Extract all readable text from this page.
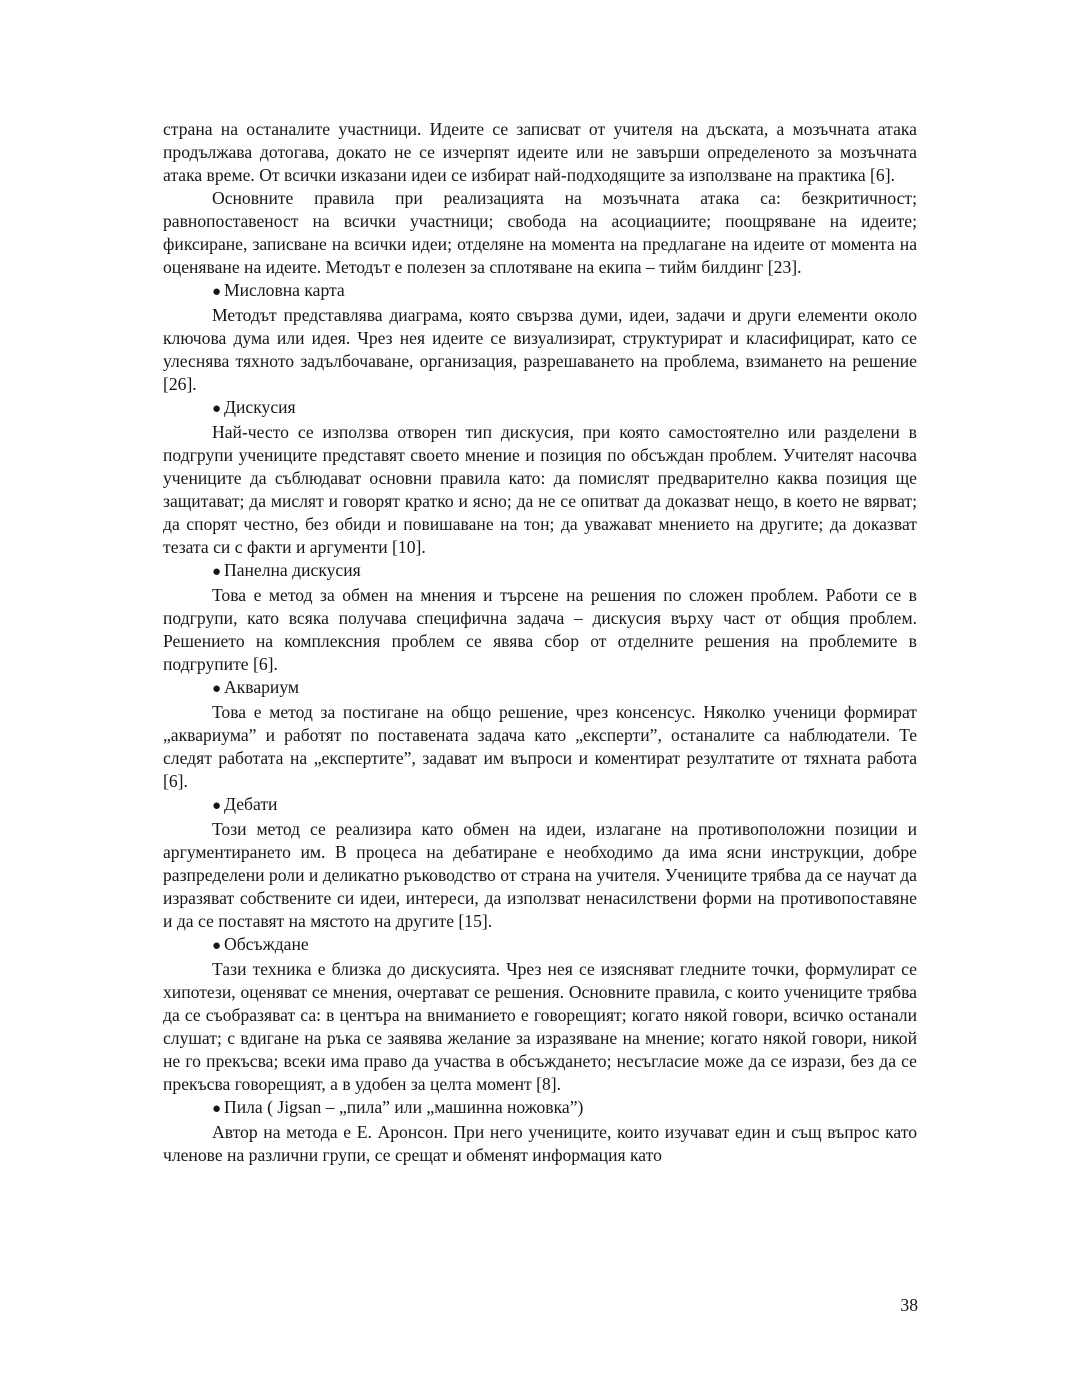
страна на останалите участници. Идеите се записват от учителя на дъската, а мозъчната атака продължава дотогава, докато не се изчерпят идеите или не завърши определеното за мозъчната атака време. От всички изказани идеи се избират най-подходящите за използване на практика [6].

Основните правила при реализацията на мозъчната атака са: безкритичност; равнопоставеност на всички участници; свобода на асоциациите; поощряване на идеите; фиксиране, записване на всички идеи; отделяне на момента на предлагане на идеите от момента на оценяване на идеите. Методът е полезен за сплотяване на екипа – тийм билдинг [23].

● Мисловна карта

Методът представлява диаграма, която свързва думи, идеи, задачи и други елементи около ключова дума или идея. Чрез нея идеите се визуализират, структурират и класифицират, като се улеснява тяхното задълбочаване, организация, разрешаването на проблема, взимането на решение [26].

● Дискусия

Най-често се използва отворен тип дискусия, при която самостоятелно или разделени в подгрупи учениците представят своето мнение и позиция по обсъждан проблем. Учителят насочва учениците да съблюдават основни правила като: да помислят предварително каква позиция ще защитават; да мислят и говорят кратко и ясно; да не се опитват да доказват нещо, в което не вярват; да спорят честно, без обиди и повишаване на тон; да уважават мнението на другите; да доказват тезата си с факти и аргументи [10].

● Панелна дискусия

Това е метод за обмен на мнения и търсене на решения по сложен проблем. Работи се в подгрупи, като всяка получава специфична задача – дискусия върху част от общия проблем. Решението на комплексния проблем се явява сбор от отделните решения на проблемите в подгрупите [6].

● Аквариум

Това е метод за постигане на общо решение, чрез консенсус. Няколко ученици формират „аквариума” и работят по поставената задача като „експерти”, останалите са наблюдатели. Те следят работата на „експертите”, задават им въпроси и коментират резултатите от тяхната работа [6].

● Дебати

Този метод се реализира като обмен на идеи, излагане на противоположни позиции и аргументирането им. В процеса на дебатиране е необходимо да има ясни инструкции, добре разпределени роли и деликатно ръководство от страна на учителя. Учениците трябва да се научат да изразяват собствените си идеи, интереси, да използват ненасилствени форми на противопоставяне и да се поставят на мястото на другите [15].

● Обсъждане

Тази техника е близка до дискусията. Чрез нея се изясняват гледните точки, формулират се хипотези, оценяват се мнения, очертават се решения. Основните правила, с които учениците трябва да се съобразяват са: в центъра на вниманието е говорещият; когато някой говори, всичко останали слушат; с вдигане на ръка се заявява желание за изразяване на мнение; когато някой говори, никой не го прекъсва; всеки има право да участва в обсъждането; несъгласие може да се изрази, без да се прекъсва говорещият, а в удобен за целта момент [8].

● Пила ( Jigsan – „пила” или „машинна ножовка”)

Автор на метода е Е. Аронсон. При него учениците, които изучават един и същ въпрос като членове на различни групи, се срещат и обменят информация като

38
